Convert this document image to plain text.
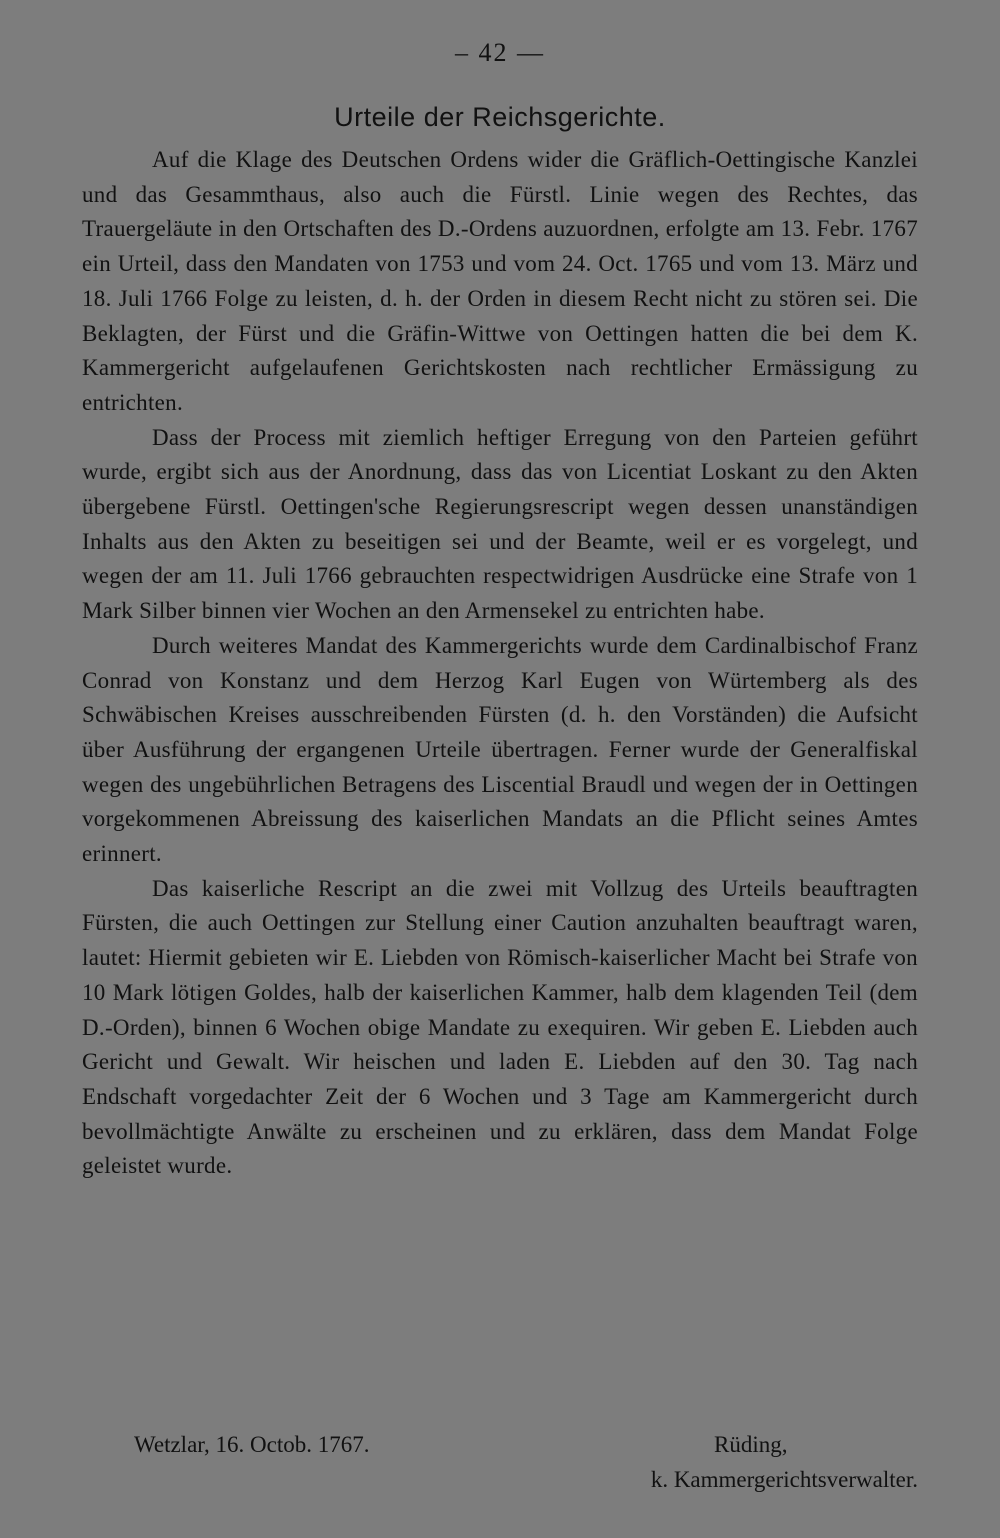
– 42 —
Urteile der Reichsgerichte.

Auf die Klage des Deutschen Ordens wider die Gräflich-Oettingische Kanzlei und das Gesammthaus, also auch die Fürstl. Linie wegen des Rechtes, das Trauergeläute in den Ortschaften des D.-Ordens auzuordnen, erfolgte am 13. Febr. 1767 ein Urteil, dass den Mandaten von 1753 und vom 24. Oct. 1765 und vom 13. März und 18. Juli 1766 Folge zu leisten, d. h. der Orden in diesem Recht nicht zu stören sei. Die Beklagten, der Fürst und die Gräfin-Wittwe von Oettingen hatten die bei dem K. Kammergericht aufgelaufenen Gerichtskosten nach rechtlicher Ermässigung zu entrichten.

Dass der Process mit ziemlich heftiger Erregung von den Parteien geführt wurde, ergibt sich aus der Anordnung, dass das von Licentiat Loskant zu den Akten übergebene Fürstl. Oettingen'sche Regierungsrescript wegen dessen unanständigen Inhalts aus den Akten zu beseitigen sei und der Beamte, weil er es vorgelegt, und wegen der am 11. Juli 1766 gebrauchten respectwidrigen Ausdrücke eine Strafe von 1 Mark Silber binnen vier Wochen an den Armensekel zu entrichten habe.

Durch weiteres Mandat des Kammergerichts wurde dem Cardinalbischof Franz Conrad von Konstanz und dem Herzog Karl Eugen von Würtemberg als des Schwäbischen Kreises ausschreibenden Fürsten (d. h. den Vorständen) die Aufsicht über Ausführung der ergangenen Urteile übertragen. Ferner wurde der Generalfiskal wegen des ungebührlichen Betragens des Liscential Braudl und wegen der in Oettingen vorgekommenen Abreissung des kaiserlichen Mandats an die Pflicht seines Amtes erinnert.

Das kaiserliche Rescript an die zwei mit Vollzug des Urteils beauftragten Fürsten, die auch Oettingen zur Stellung einer Caution anzuhalten beauftragt waren, lautet: Hiermit gebieten wir E. Liebden von Römisch-kaiserlicher Macht bei Strafe von 10 Mark lötigen Goldes, halb der kaiserlichen Kammer, halb dem klagenden Teil (dem D.-Orden), binnen 6 Wochen obige Mandate zu exequiren. Wir geben E. Liebden auch Gericht und Gewalt. Wir heischen und laden E. Liebden auf den 30. Tag nach Endschaft vorgedachter Zeit der 6 Wochen und 3 Tage am Kammergericht durch bevollmächtigte Anwälte zu erscheinen und zu erklären, dass dem Mandat Folge geleistet wurde.

Wetzlar, 16. Octob. 1767.	Rüding,
k. Kammergerichtsverwalter.
